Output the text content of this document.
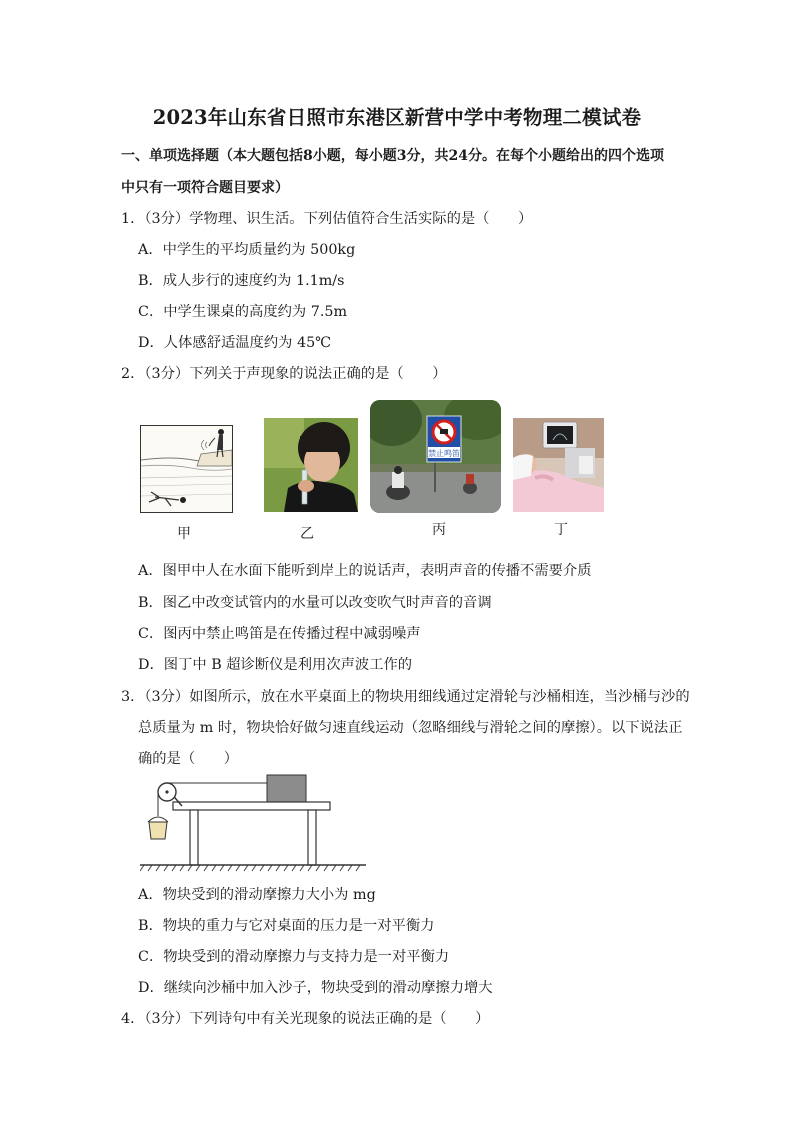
2023年山东省日照市东港区新营中学中考物理二模试卷
一、单项选择题（本大题包括8小题，每小题3分，共24分。在每个小题给出的四个选项
中只有一项符合题目要求）
1．（3分）学物理、识生活。下列估值符合生活实际的是（　　）
A．中学生的平均质量约为 500kg
B．成人步行的速度约为 1.1m/s
C．中学生课桌的高度约为 7.5m
D．人体感舒适温度约为 45℃
2．（3分）下列关于声现象的说法正确的是（　　）
甲	乙
禁止鸣笛
丙	丁
A．图甲中人在水面下能听到岸上的说话声，表明声音的传播不需要介质
B．图乙中改变试管内的水量可以改变吹气时声音的音调
C．图丙中禁止鸣笛是在传播过程中减弱噪声
D．图丁中 B 超诊断仪是利用次声波工作的
3．（3分）如图所示，放在水平桌面上的物块用细线通过定滑轮与沙桶相连，当沙桶与沙的
总质量为 m 时，物块恰好做匀速直线运动（忽略细线与滑轮之间的摩擦）。以下说法正
确的是（　　）
A．物块受到的滑动摩擦力大小为 mg
B．物块的重力与它对桌面的压力是一对平衡力
C．物块受到的滑动摩擦力与支持力是一对平衡力
D．继续向沙桶中加入沙子，物块受到的滑动摩擦力增大
4．（3分）下列诗句中有关光现象的说法正确的是（　　）
